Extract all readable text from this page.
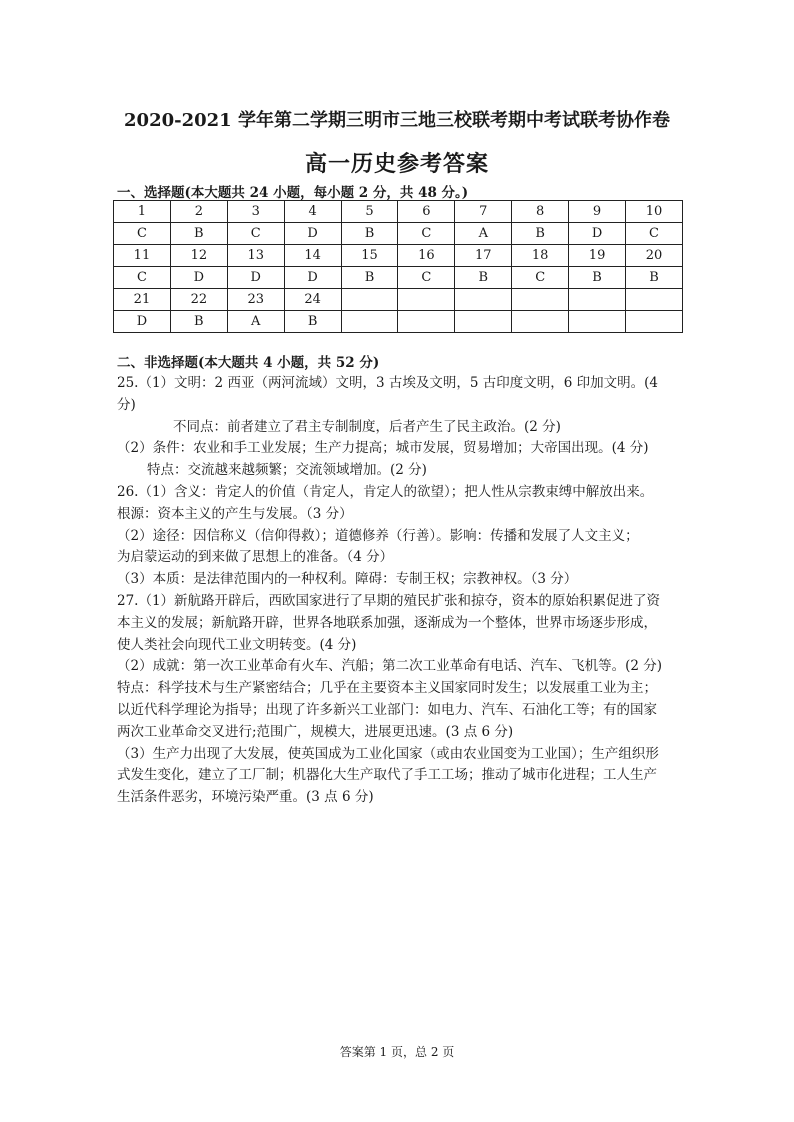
2020-2021 学年第二学期三明市三地三校联考期中考试联考协作卷
高一历史参考答案
一、选择题(本大题共 24 小题，每小题 2 分，共 48 分。)
1	2	3	4	5	6	7	8	9	10
C	B	C	D	B	C	A	B	D	C
11	12	13	14	15	16	17	18	19	20
C	D	D	D	B	C	B	C	B	B
21	22	23	24						
D	B	A	B						
二、非选择题(本大题共 4 小题，共 52 分)
25.（1）文明：2 西亚（两河流域）文明，3 古埃及文明，5 古印度文明，6 印加文明。(4
分)
不同点：前者建立了君主专制制度，后者产生了民主政治。(2 分)
（2）条件：农业和手工业发展；生产力提高；城市发展，贸易增加；大帝国出现。(4 分)
特点：交流越来越频繁；交流领域增加。(2 分)
26.（1）含义：肯定人的价值（肯定人，肯定人的欲望）；把人性从宗教束缚中解放出来。
根源：资本主义的产生与发展。（3 分）
（2）途径：因信称义（信仰得救）；道德修养（行善）。影响：传播和发展了人文主义；
为启蒙运动的到来做了思想上的准备。（4 分）
（3）本质：是法律范围内的一种权利。障碍：专制王权；宗教神权。（3 分）
27.（1）新航路开辟后，西欧国家进行了早期的殖民扩张和掠夺，资本的原始积累促进了资
本主义的发展；新航路开辟，世界各地联系加强，逐渐成为一个整体，世界市场逐步形成，
使人类社会向现代工业文明转变。(4 分)
（2）成就：第一次工业革命有火车、汽船；第二次工业革命有电话、汽车、飞机等。(2 分)
特点：科学技术与生产紧密结合；几乎在主要资本主义国家同时发生；以发展重工业为主；
以近代科学理论为指导；出现了许多新兴工业部门：如电力、汽车、石油化工等；有的国家
两次工业革命交叉进行;范围广，规模大，进展更迅速。(3 点 6 分)
（3）生产力出现了大发展，使英国成为工业化国家（或由农业国变为工业国）；生产组织形
式发生变化，建立了工厂制；机器化大生产取代了手工工场；推动了城市化进程；工人生产
生活条件恶劣，环境污染严重。(3 点 6 分)
答案第 1 页，总 2 页
